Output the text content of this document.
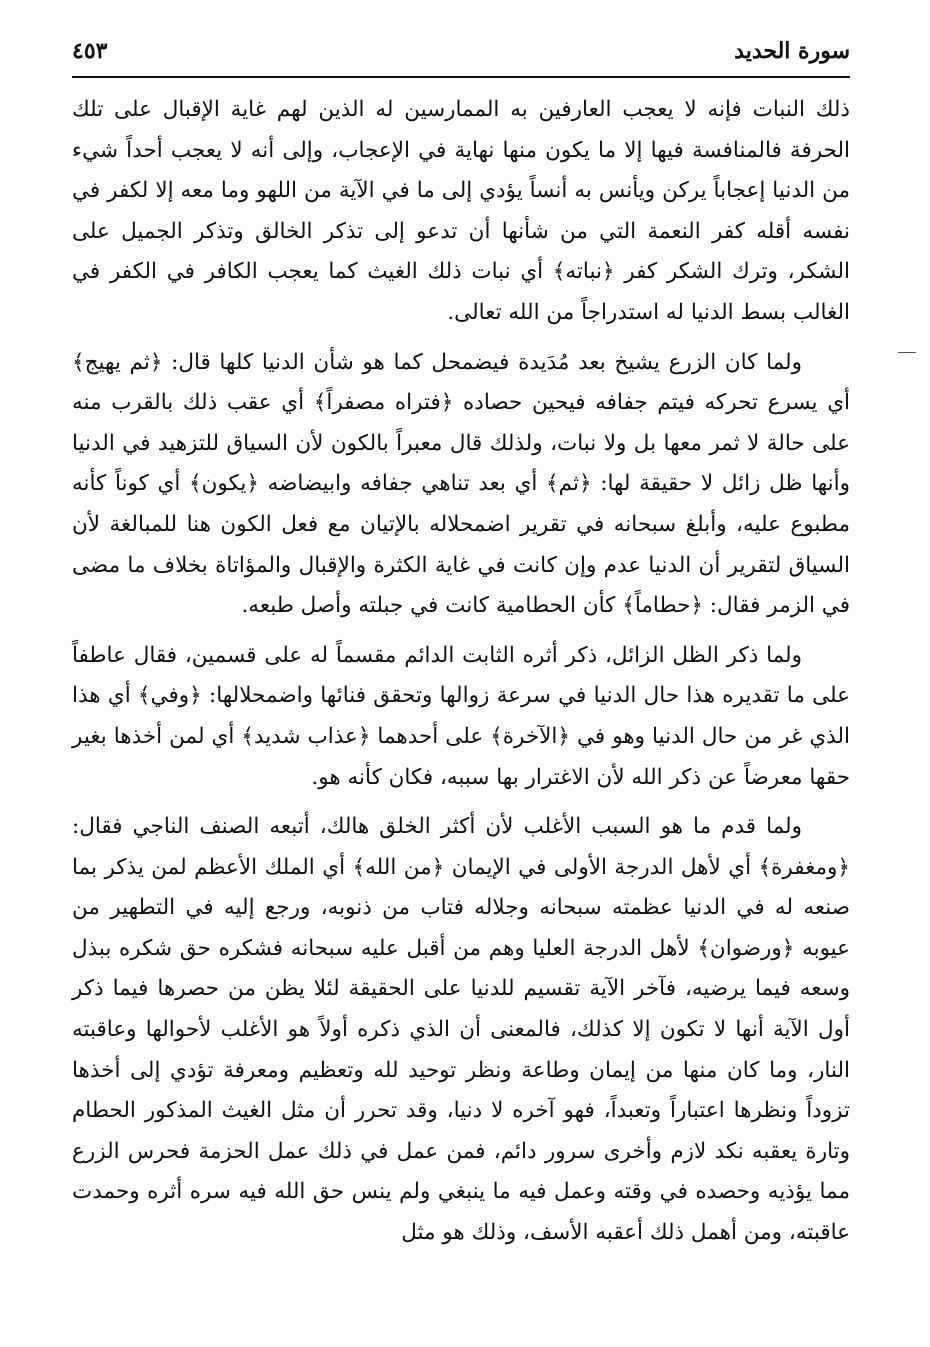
سورة الحديد
٤٥٣

ذلك النبات فإنه لا يعجب العارفين به الممارسين له الذين لهم غاية الإقبال على تلك الحرفة فالمنافسة فيها إلا ما يكون منها نهاية في الإعجاب، وإلى أنه لا يعجب أحداً شيء من الدنيا إعجاباً يركن ويأنس به أنساً يؤدي إلى ما في الآية من اللهو وما معه إلا لكفر في نفسه أقله كفر النعمة التي من شأنها أن تدعو إلى تذكر الخالق وتذكر الجميل على الشكر، وترك الشكر كفر ﴿نباته﴾ أي نبات ذلك الغيث كما يعجب الكافر في الكفر في الغالب بسط الدنيا له استدراجاً من الله تعالى.

ولما كان الزرع يشيخ بعد مُدَيدة فيضمحل كما هو شأن الدنيا كلها قال: ﴿ثم يهيج﴾ أي يسرع تحركه فيتم جفافه فيحين حصاده ﴿فتراه مصفراً﴾ أي عقب ذلك بالقرب منه على حالة لا ثمر معها بل ولا نبات، ولذلك قال معبراً بالكون لأن السياق للتزهيد في الدنيا وأنها ظل زائل لا حقيقة لها: ﴿ثم﴾ أي بعد تناهي جفافه وابيضاضه ﴿يكون﴾ أي كوناً كأنه مطبوع عليه، وأبلغ سبحانه في تقرير اضمحلاله بالإتيان مع فعل الكون هنا للمبالغة لأن السياق لتقرير أن الدنيا عدم وإن كانت في غاية الكثرة والإقبال والمؤاتاة بخلاف ما مضى في الزمر فقال: ﴿حطاماً﴾ كأن الحطامية كانت في جبلته وأصل طبعه.

ولما ذكر الظل الزائل، ذكر أثره الثابت الدائم مقسماً له على قسمين، فقال عاطفاً على ما تقديره هذا حال الدنيا في سرعة زوالها وتحقق فنائها واضمحلالها: ﴿وفي﴾ أي هذا الذي غر من حال الدنيا وهو في ﴿الآخرة﴾ على أحدهما ﴿عذاب شديد﴾ أي لمن أخذها بغير حقها معرضاً عن ذكر الله لأن الاغترار بها سببه، فكان كأنه هو.

ولما قدم ما هو السبب الأغلب لأن أكثر الخلق هالك، أتبعه الصنف الناجي فقال: ﴿ومغفرة﴾ أي لأهل الدرجة الأولى في الإيمان ﴿من الله﴾ أي الملك الأعظم لمن يذكر بما صنعه له في الدنيا عظمته سبحانه وجلاله فتاب من ذنوبه، ورجع إليه في التطهير من عيوبه ﴿ورضوان﴾ لأهل الدرجة العليا وهم من أقبل عليه سبحانه فشكره حق شكره ببذل وسعه فيما يرضيه، فآخر الآية تقسيم للدنيا على الحقيقة لئلا يظن من حصرها فيما ذكر أول الآية أنها لا تكون إلا كذلك، فالمعنى أن الذي ذكره أولاً هو الأغلب لأحوالها وعاقبته النار، وما كان منها من إيمان وطاعة ونظر توحيد لله وتعظيم ومعرفة تؤدي إلى أخذها تزوداً ونظرها اعتباراً وتعبداً، فهو آخره لا دنيا، وقد تحرر أن مثل الغيث المذكور الحطام وتارة يعقبه نكد لازم وأخرى سرور دائم، فمن عمل في ذلك عمل الحزمة فحرس الزرع مما يؤذيه وحصده في وقته وعمل فيه ما ينبغي ولم ينس حق الله فيه سره أثره وحمدت عاقبته، ومن أهمل ذلك أعقبه الأسف، وذلك هو مثل
